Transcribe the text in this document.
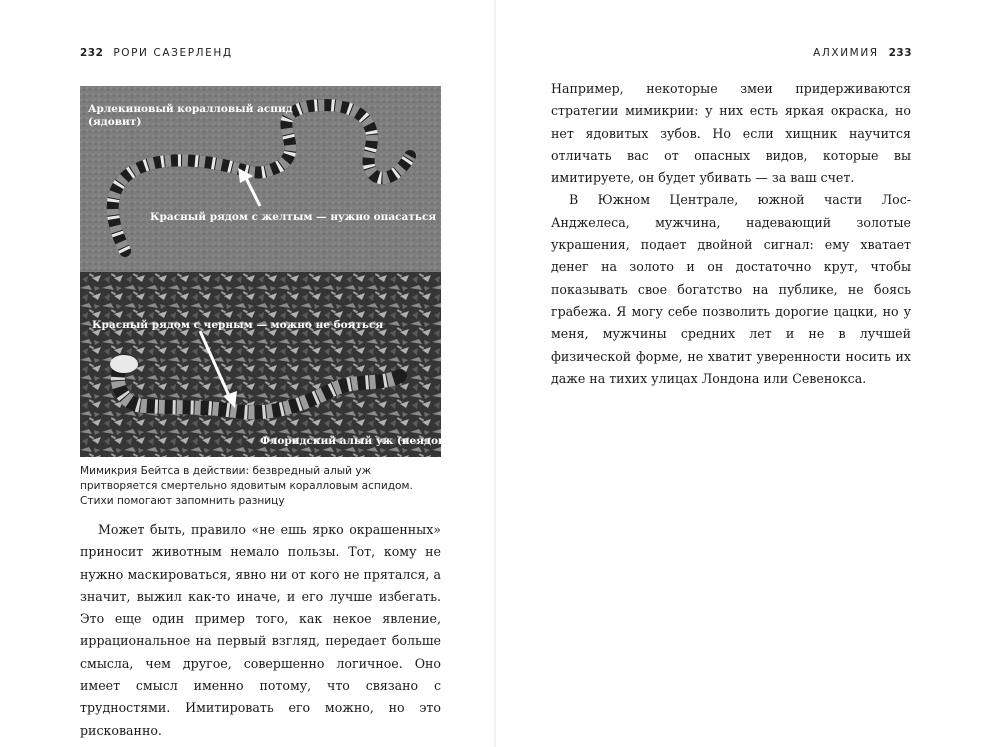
232 РОРИ САЗЕРЛЕНД
Арлекиновый коралловый аспид
(ядовит)
Красный рядом с желтым — нужно опасаться
Красный рядом с черным — можно не бояться
Флоридский алый уж (неядовит)
Мимикрия Бейтса в действии: безвредный алый уж притворяется смертельно ядовитым коралловым аспидом. Стихи помогают запомнить разницу

Может быть, правило «не ешь ярко окрашенных» приносит животным немало пользы. Тот, кому не нужно маскироваться, явно ни от кого не прятался, а значит, выжил как-то иначе, и его лучше избегать. Это еще один пример того, как некое явление, иррациональное на первый взгляд, передает больше смысла, чем другое, совершенно логичное. Оно имеет смысл именно потому, что связано с трудностями. Имитировать его можно, но это рискованно.

АЛХИМИЯ 233

Например, некоторые змеи придерживаются стратегии мимикрии: у них есть яркая окраска, но нет ядовитых зубов. Но если хищник научится отличать вас от опасных видов, которые вы имитируете, он будет убивать — за ваш счет.

В Южном Централе, южной части Лос-Анджелеса, мужчина, надевающий золотые украшения, подает двойной сигнал: ему хватает денег на золото и он достаточно крут, чтобы показывать свое богатство на публике, не боясь грабежа. Я могу себе позволить дорогие цацки, но у меня, мужчины средних лет и не в лучшей физической форме, не хватит уверенности носить их даже на тихих улицах Лондона или Севенокса.
